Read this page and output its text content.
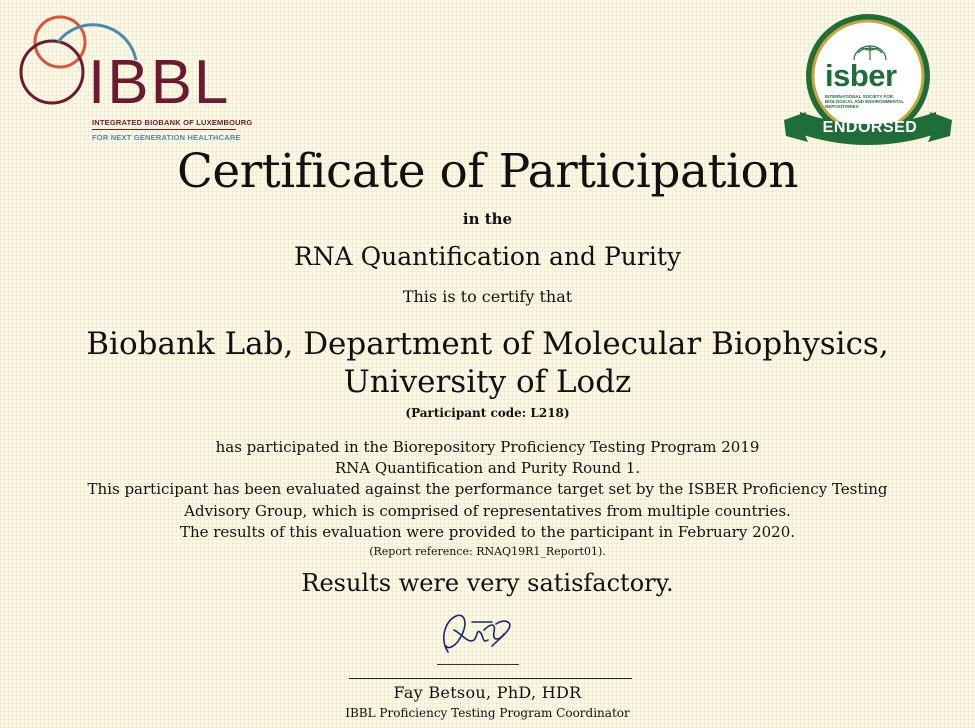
IBBL
INTEGRATED BIOBANK OF LUXEMBOURG
FOR NEXT GENERATION HEALTHCARE
isber
INTERNATIONAL SOCIETY FOR BIOLOGICAL AND ENVIRONMENTAL REPOSITORIES
ENDORSED
Certificate of Participation
in the
RNA Quantification and Purity
This is to certify that
Biobank Lab, Department of Molecular Biophysics, University of Lodz
(Participant code: L218)
has participated in the Biorepository Proficiency Testing Program 2019
RNA Quantification and Purity Round 1.
This participant has been evaluated against the performance target set by the ISBER Proficiency Testing
Advisory Group, which is comprised of representatives from multiple countries.
The results of this evaluation were provided to the participant in February 2020.
(Report reference: RNAQ19R1_Report01).
Results were very satisfactory.
Fay Betsou, PhD, HDR
IBBL Proficiency Testing Program Coordinator
